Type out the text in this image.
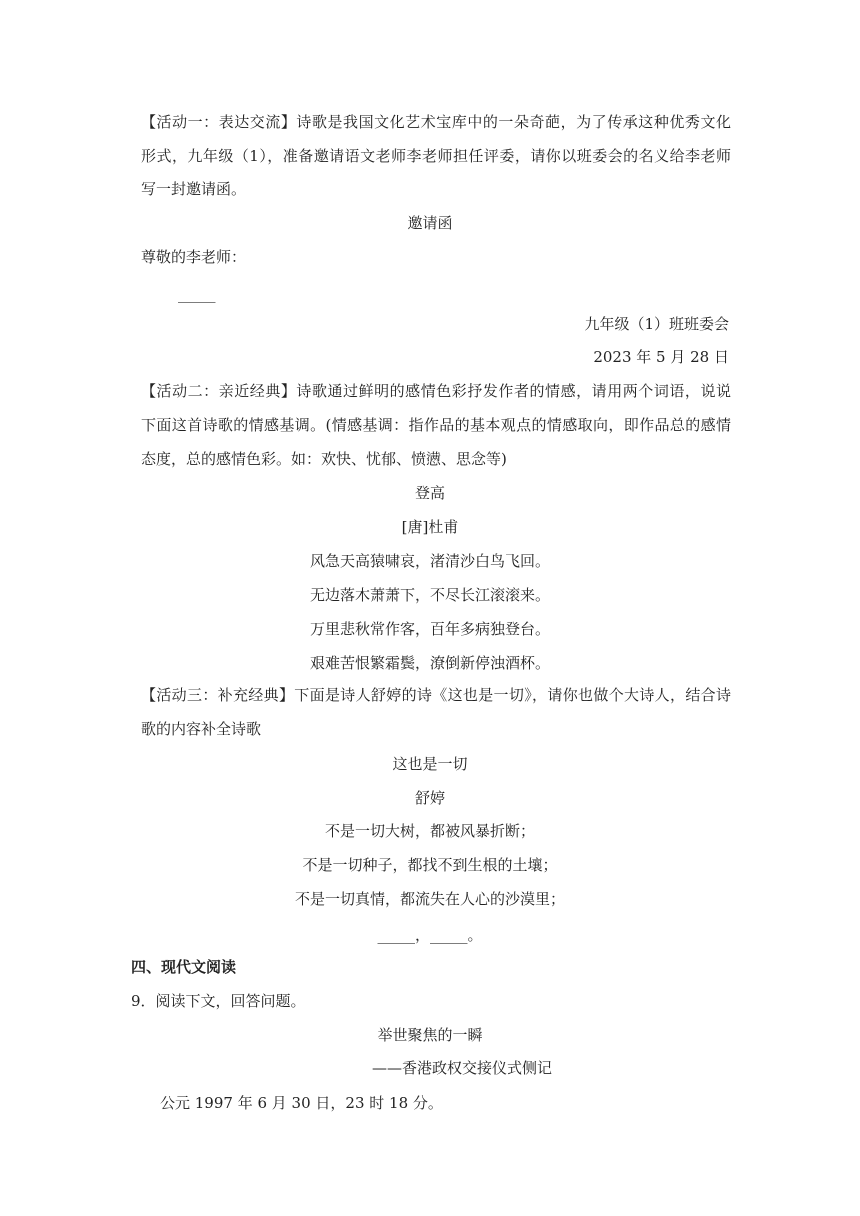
【活动一：表达交流】诗歌是我国文化艺术宝库中的一朵奇葩，为了传承这种优秀文化
形式，九年级（1），准备邀请语文老师李老师担任评委，请你以班委会的名义给李老师
写一封邀请函。
邀请函
尊敬的李老师：
_____
九年级（1）班班委会
2023 年 5 月 28 日
【活动二：亲近经典】诗歌通过鲜明的感情色彩抒发作者的情感，请用两个词语，说说
下面这首诗歌的情感基调。(情感基调：指作品的基本观点的情感取向，即作品总的感情
态度，总的感情色彩。如：欢快、忧郁、愤懑、思念等)
登高
[唐]杜甫
风急天高猿啸哀，渚清沙白鸟飞回。
无边落木萧萧下，不尽长江滚滚来。
万里悲秋常作客，百年多病独登台。
艰难苦恨繁霜鬓，潦倒新停浊酒杯。
【活动三：补充经典】下面是诗人舒婷的诗《这也是一切》，请你也做个大诗人，结合诗
歌的内容补全诗歌
这也是一切
舒婷
不是一切大树，都被风暴折断；
不是一切种子，都找不到生根的土壤；
不是一切真情，都流失在人心的沙漠里；
_____，_____。
四、现代文阅读
9．阅读下文，回答问题。
举世聚焦的一瞬
——香港政权交接仪式侧记
公元 1997 年 6 月 30 日，23 时 18 分。
